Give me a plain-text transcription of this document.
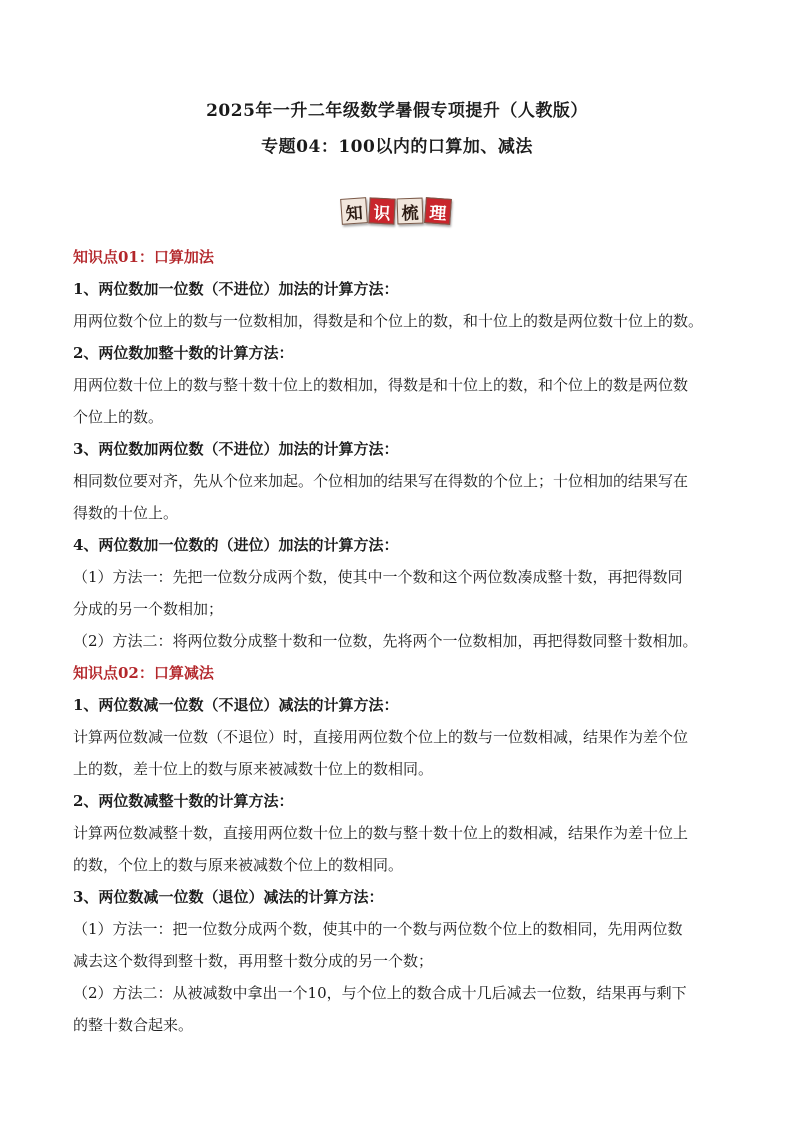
2025年一升二年级数学暑假专项提升（人教版）
专题04：100以内的口算加、减法
知 识 梳 理
知识点01：口算加法
1、两位数加一位数（不进位）加法的计算方法：
用两位数个位上的数与一位数相加，得数是和个位上的数，和十位上的数是两位数十位上的数。
2、两位数加整十数的计算方法：
用两位数十位上的数与整十数十位上的数相加，得数是和十位上的数，和个位上的数是两位数
个位上的数。
3、两位数加两位数（不进位）加法的计算方法：
相同数位要对齐，先从个位来加起。个位相加的结果写在得数的个位上；十位相加的结果写在
得数的十位上。
4、两位数加一位数的（进位）加法的计算方法：
（1）方法一：先把一位数分成两个数，使其中一个数和这个两位数凑成整十数，再把得数同
分成的另一个数相加；
（2）方法二：将两位数分成整十数和一位数，先将两个一位数相加，再把得数同整十数相加。
知识点02：口算减法
1、两位数减一位数（不退位）减法的计算方法：
计算两位数减一位数（不退位）时，直接用两位数个位上的数与一位数相减，结果作为差个位
上的数，差十位上的数与原来被减数十位上的数相同。
2、两位数减整十数的计算方法：
计算两位数减整十数，直接用两位数十位上的数与整十数十位上的数相减，结果作为差十位上
的数，个位上的数与原来被减数个位上的数相同。
3、两位数减一位数（退位）减法的计算方法：
（1）方法一：把一位数分成两个数，使其中的一个数与两位数个位上的数相同，先用两位数
减去这个数得到整十数，再用整十数分成的另一个数；
（2）方法二：从被减数中拿出一个10，与个位上的数合成十几后减去一位数，结果再与剩下
的整十数合起来。
